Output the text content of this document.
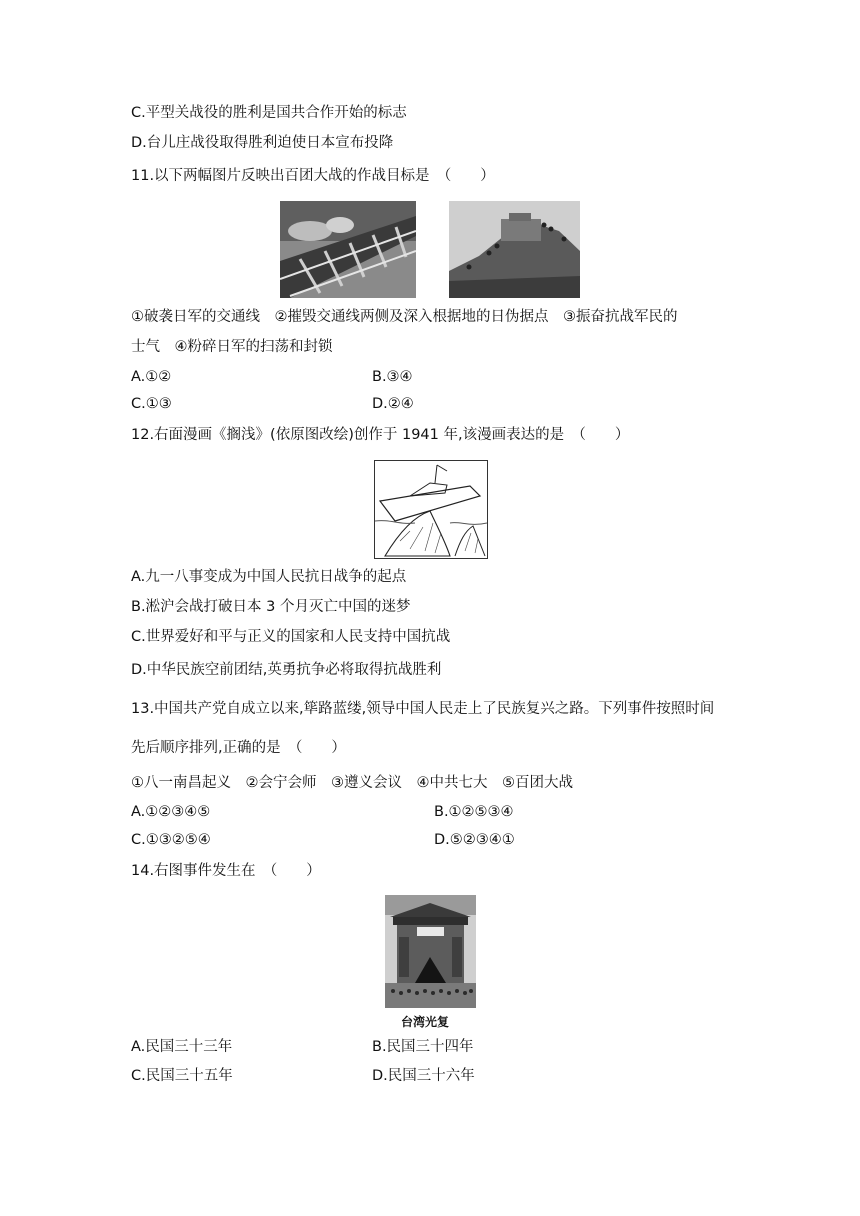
C.平型关战役的胜利是国共合作开始的标志
D.台儿庄战役取得胜利迫使日本宣布投降
11.以下两幅图片反映出百团大战的作战目标是　（　　）
①破袭日军的交通线　②摧毁交通线两侧及深入根据地的日伪据点　③振奋抗战军民的
士气　④粉碎日军的扫荡和封锁
A.①②	B.③④
C.①③	D.②④
12.右面漫画《搁浅》(依原图改绘)创作于 1941 年,该漫画表达的是　（　　）
A.九一八事变成为中国人民抗日战争的起点
B.淞沪会战打破日本 3 个月灭亡中国的迷梦
C.世界爱好和平与正义的国家和人民支持中国抗战
D.中华民族空前团结,英勇抗争必将取得抗战胜利
13.中国共产党自成立以来,筚路蓝缕,领导中国人民走上了民族复兴之路。下列事件按照时间
先后顺序排列,正确的是　（　　）
①八一南昌起义　②会宁会师　③遵义会议　④中共七大　⑤百团大战
A.①②③④⑤	B.①②⑤③④
C.①③②⑤④	D.⑤②③④①
14.右图事件发生在　（　　）
台湾光复
A.民国三十三年	B.民国三十四年
C.民国三十五年	D.民国三十六年
